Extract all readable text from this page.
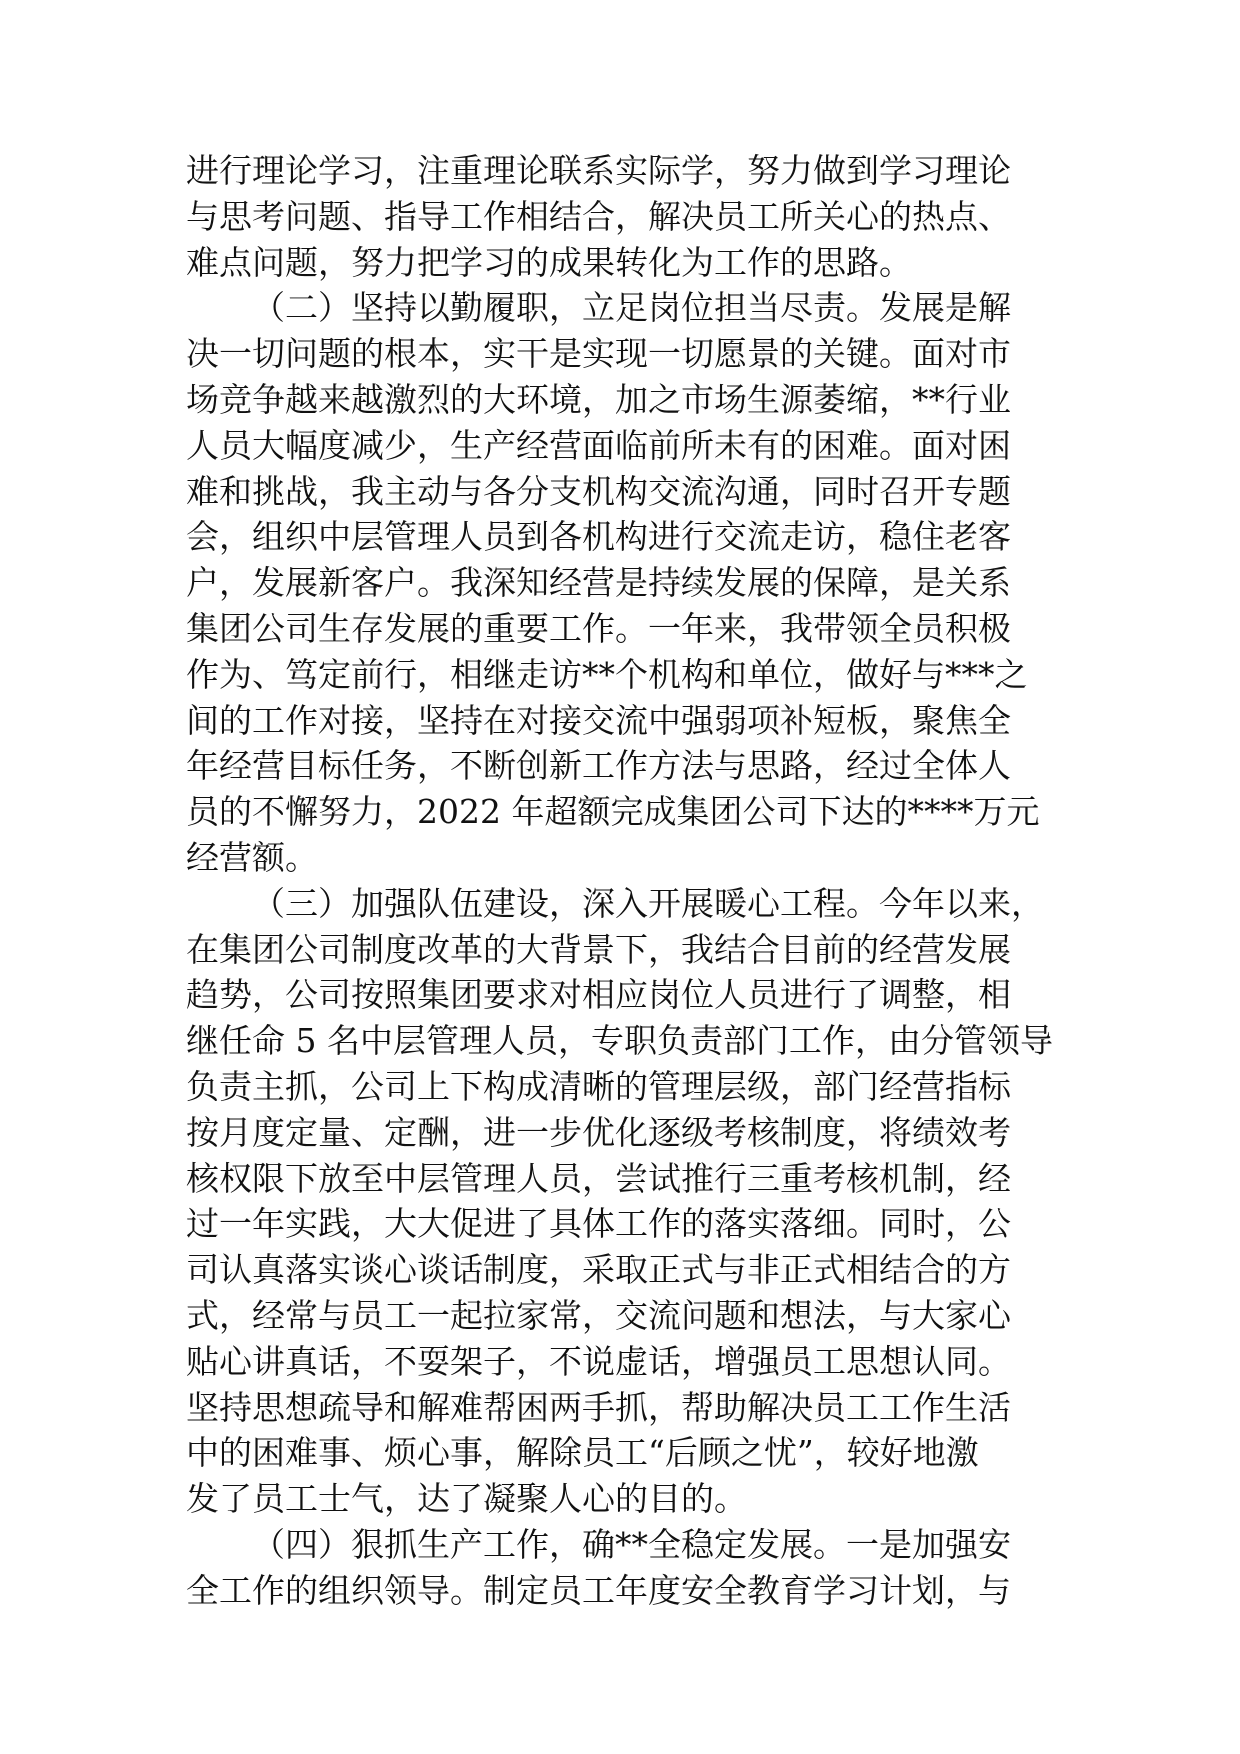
进行理论学习，注重理论联系实际学，努力做到学习理论
与思考问题、指导工作相结合，解决员工所关心的热点、
难点问题，努力把学习的成果转化为工作的思路。
（二）坚持以勤履职，立足岗位担当尽责。发展是解
决一切问题的根本，实干是实现一切愿景的关键。面对市
场竞争越来越激烈的大环境，加之市场生源萎缩，**行业
人员大幅度减少，生产经营面临前所未有的困难。面对困
难和挑战，我主动与各分支机构交流沟通，同时召开专题
会，组织中层管理人员到各机构进行交流走访，稳住老客
户，发展新客户。我深知经营是持续发展的保障，是关系
集团公司生存发展的重要工作。一年来，我带领全员积极
作为、笃定前行，相继走访**个机构和单位，做好与***之
间的工作对接，坚持在对接交流中强弱项补短板，聚焦全
年经营目标任务，不断创新工作方法与思路，经过全体人
员的不懈努力，2022 年超额完成集团公司下达的****万元
经营额。
（三）加强队伍建设，深入开展暖心工程。今年以来，
在集团公司制度改革的大背景下，我结合目前的经营发展
趋势，公司按照集团要求对相应岗位人员进行了调整，相
继任命 5 名中层管理人员，专职负责部门工作，由分管领导
负责主抓，公司上下构成清晰的管理层级，部门经营指标
按月度定量、定酬，进一步优化逐级考核制度，将绩效考
核权限下放至中层管理人员，尝试推行三重考核机制，经
过一年实践，大大促进了具体工作的落实落细。同时，公
司认真落实谈心谈话制度，采取正式与非正式相结合的方
式，经常与员工一起拉家常，交流问题和想法，与大家心
贴心讲真话，不耍架子，不说虚话，增强员工思想认同。
坚持思想疏导和解难帮困两手抓，帮助解决员工工作生活
中的困难事、烦心事，解除员工“后顾之忧”，较好地激
发了员工士气，达了凝聚人心的目的。
（四）狠抓生产工作，确**全稳定发展。一是加强安
全工作的组织领导。制定员工年度安全教育学习计划，与
